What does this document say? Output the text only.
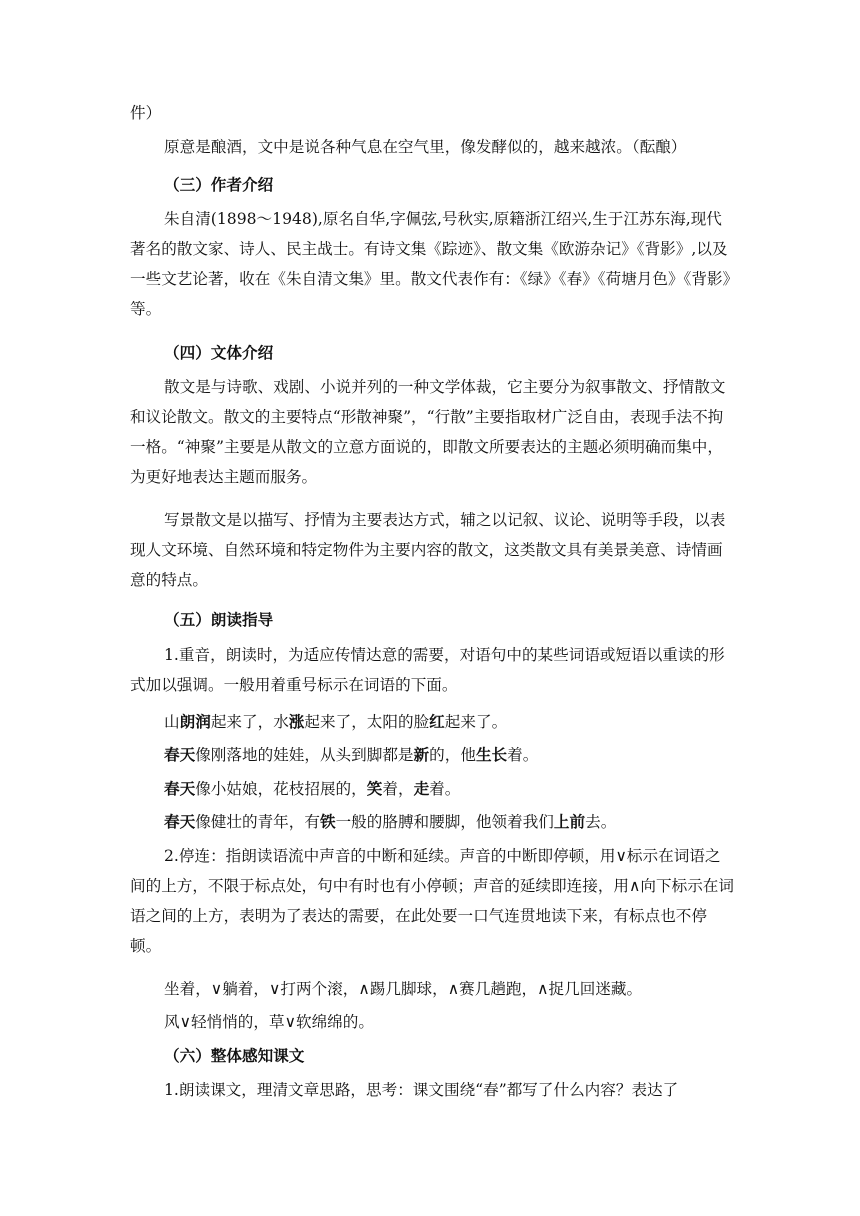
件）

原意是酿酒，文中是说各种气息在空气里，像发酵似的，越来越浓。（酝酿）

（三）作者介绍

朱自清(1898～1948),原名自华,字佩弦,号秋实,原籍浙江绍兴,生于江苏东海,现代著名的散文家、诗人、民主战士。有诗文集《踪迹》、散文集《欧游杂记》《背影》,以及一些文艺论著，收在《朱自清文集》里。散文代表作有：《绿》《春》《荷塘月色》《背影》等。

（四）文体介绍

散文是与诗歌、戏剧、小说并列的一种文学体裁，它主要分为叙事散文、抒情散文和议论散文。散文的主要特点“形散神聚”，“行散”主要指取材广泛自由，表现手法不拘一格。“神聚”主要是从散文的立意方面说的，即散文所要表达的主题必须明确而集中，为更好地表达主题而服务。

写景散文是以描写、抒情为主要表达方式，辅之以记叙、议论、说明等手段，以表现人文环境、自然环境和特定物件为主要内容的散文，这类散文具有美景美意、诗情画意的特点。

（五）朗读指导

1.重音，朗读时，为适应传情达意的需要，对语句中的某些词语或短语以重读的形式加以强调。一般用着重号标示在词语的下面。

山朗润起来了，水涨起来了，太阳的脸红起来了。

春天像刚落地的娃娃，从头到脚都是新的，他生长着。

春天像小姑娘，花枝招展的，笑着，走着。

春天像健壮的青年，有铁一般的胳膊和腰脚，他领着我们上前去。

2.停连：指朗读语流中声音的中断和延续。声音的中断即停顿，用∨标示在词语之间的上方，不限于标点处，句中有时也有小停顿；声音的延续即连接，用∧向下标示在词语之间的上方，表明为了表达的需要，在此处要一口气连贯地读下来，有标点也不停顿。

坐着，∨躺着，∨打两个滚，∧踢几脚球，∧赛几趟跑，∧捉几回迷藏。

风∨轻悄悄的，草∨软绵绵的。

（六）整体感知课文

1.朗读课文，理清文章思路，思考：课文围绕“春”都写了什么内容？表达了
